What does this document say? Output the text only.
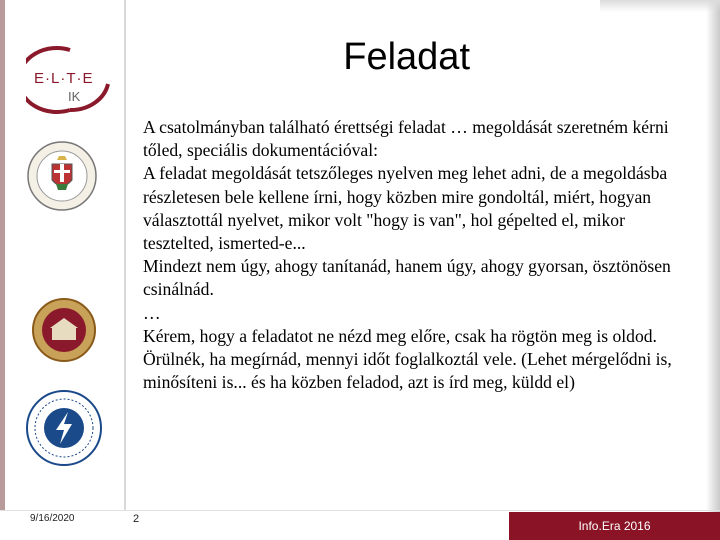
E·L·T·E
IK
Feladat

A csatolmányban található érettségi feladat … megoldását szeretném kérni tőled, speciális dokumentációval:

A feladat megoldását tetszőleges nyelven meg lehet adni, de a megoldásba részletesen bele kellene írni, hogy közben mire gondoltál, miért, hogyan választottál nyelvet, mikor volt "hogy is van", hol gépelted el, mikor tesztelted, ismerted-e...

Mindezt nem úgy, ahogy tanítanád, hanem úgy, ahogy gyorsan, ösztönösen csinálnád.

…

Kérem, hogy a feladatot ne nézd meg előre, csak ha rögtön meg is oldod. Örülnék, ha megírnád, mennyi időt foglalkoztál vele. (Lehet mérgelődni is, minősíteni is... és ha közben feladod, azt is írd meg, küldd el)

9/16/2020	2	Info.Era 2016
